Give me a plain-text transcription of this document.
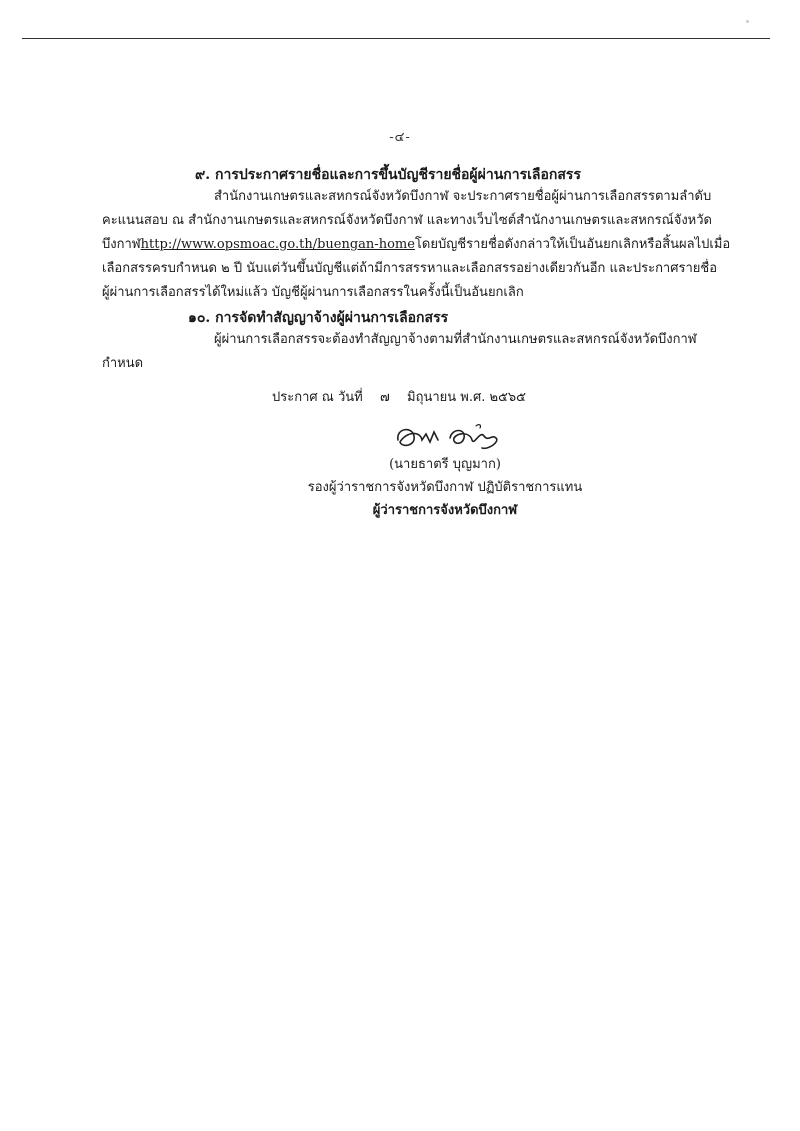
-๔-
๙. การประกาศรายชื่อและการขึ้นบัญชีรายชื่อผู้ผ่านการเลือกสรร
สำนักงานเกษตรและสหกรณ์จังหวัดบึงกาฬ จะประกาศรายชื่อผู้ผ่านการเลือกสรรตามลำดับ
คะแนนสอบ ณ สำนักงานเกษตรและสหกรณ์จังหวัดบึงกาฬ และทางเว็บไซต์สำนักงานเกษตรและสหกรณ์จังหวัด
บึงกาฬ http://www.opsmoac.go.th/buengan-home โดยบัญชีรายชื่อดังกล่าวให้เป็นอันยกเลิกหรือสิ้นผลไปเมื่อ
เลือกสรรครบกำหนด ๒ ปี นับแต่วันขึ้นบัญชีแต่ถ้ามีการสรรหาและเลือกสรรอย่างเดียวกันอีก และประกาศรายชื่อ
ผู้ผ่านการเลือกสรรได้ใหม่แล้ว บัญชีผู้ผ่านการเลือกสรรในครั้งนี้เป็นอันยกเลิก
๑๐. การจัดทำสัญญาจ้างผู้ผ่านการเลือกสรร
ผู้ผ่านการเลือกสรรจะต้องทำสัญญาจ้างตามที่สำนักงานเกษตรและสหกรณ์จังหวัดบึงกาฬ
กำหนด
ประกาศ ณ วันที่ ๗ มิถุนายน พ.ศ. ๒๕๖๕
(นายธาตรี บุญมาก)
รองผู้ว่าราชการจังหวัดบึงกาฬ ปฏิบัติราชการแทน
ผู้ว่าราชการจังหวัดบึงกาฬ
